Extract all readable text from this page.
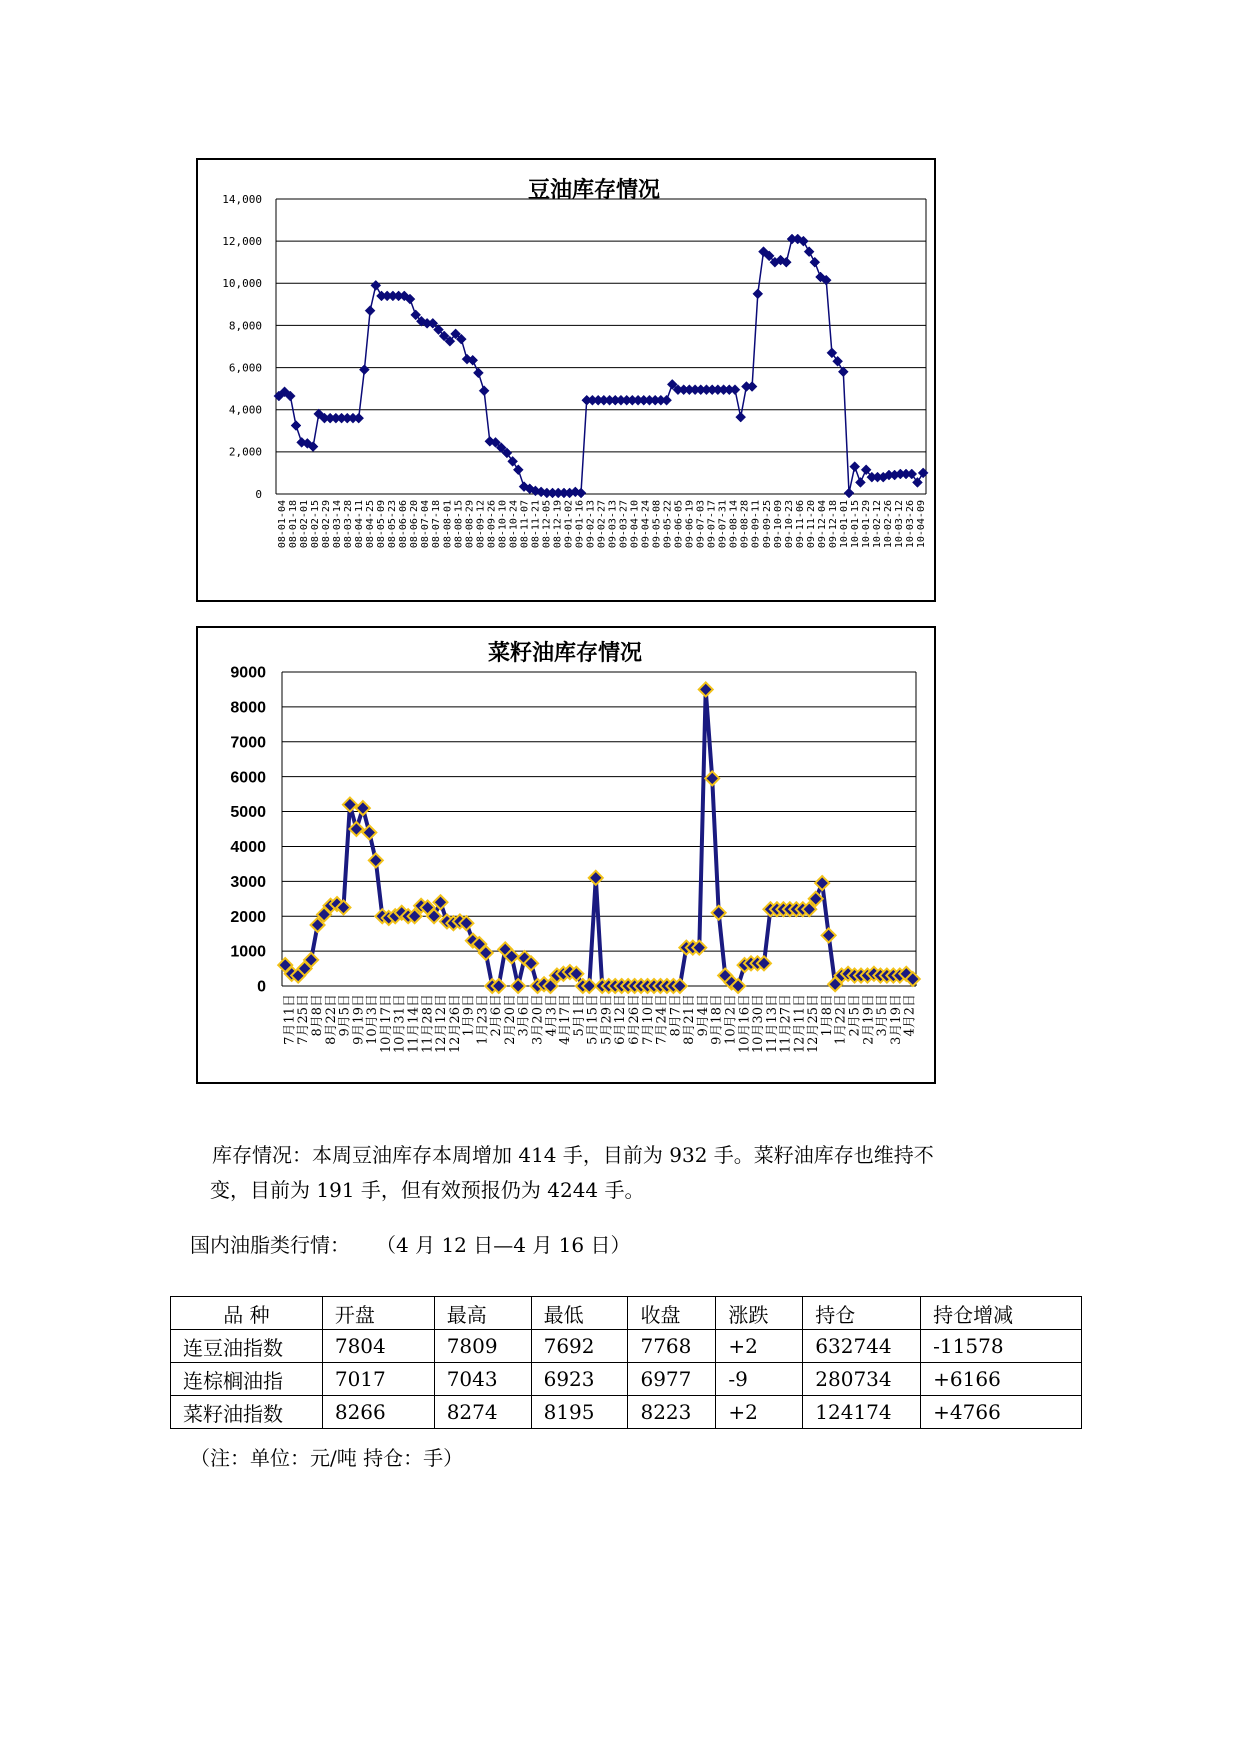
豆油库存情况
0
2,000
4,000
6,000
8,000
10,000
12,000
14,000
08-01-04 08-01-18 08-02-01 08-02-15 08-02-29 08-03-14 08-03-28 08-04-11 08-04-25 08-05-09 08-05-23 08-06-06 08-06-20 08-07-04 08-07-18 08-08-01 08-08-15 08-08-29 08-09-12 08-09-26 08-10-10 08-10-24 08-11-07 08-11-21 08-12-05 08-12-19 09-01-02 09-01-16 09-02-13 09-02-27 09-03-13 09-03-27 09-04-10 09-04-24 09-05-08 09-05-22 09-06-05 09-06-19 09-07-03 09-07-17 09-07-31 09-08-14 09-08-28 09-09-11 09-09-25 09-10-09 09-10-23 09-11-06 09-11-20 09-12-04 09-12-18 10-01-01 10-01-15 10-01-29 10-02-12 10-02-26 10-03-12 10-03-26 10-04-09
菜籽油库存情况
0
1000
2000
3000
4000
5000
6000
7000
8000
9000
7月11日
7月25日
8月8日
8月22日
9月5日
9月19日
10月3日
10月17日
10月31日
11月14日
11月28日
12月12日
12月26日
1月9日
1月23日
2月6日
2月20日
3月6日
3月20日
4月3日
4月17日
5月1日
5月15日
5月29日
6月12日
6月26日
7月10日
7月24日
8月7日
8月21日
9月4日
9月18日
10月2日
10月16日
10月30日
11月13日
11月27日
12月11日
12月25日
1月8日
1月22日
2月5日
2月19日
3月5日
3月19日
4月2日
库存情况：本周豆油库存本周增加 414 手，目前为 932 手。菜籽油库存也维持不
变，目前为 191 手，但有效预报仍为 4244 手。
国内油脂类行情： （4 月 12 日—4 月 16 日）
品 种	开盘	最高	最低	收盘	涨跌	持仓	持仓增减
连豆油指数	7804	7809	7692	7768	+2	632744	-11578
连棕榈油指	7017	7043	6923	6977	-9	280734	+6166
菜籽油指数	8266	8274	8195	8223	+2	124174	+4766
（注：单位：元/吨 持仓：手）
